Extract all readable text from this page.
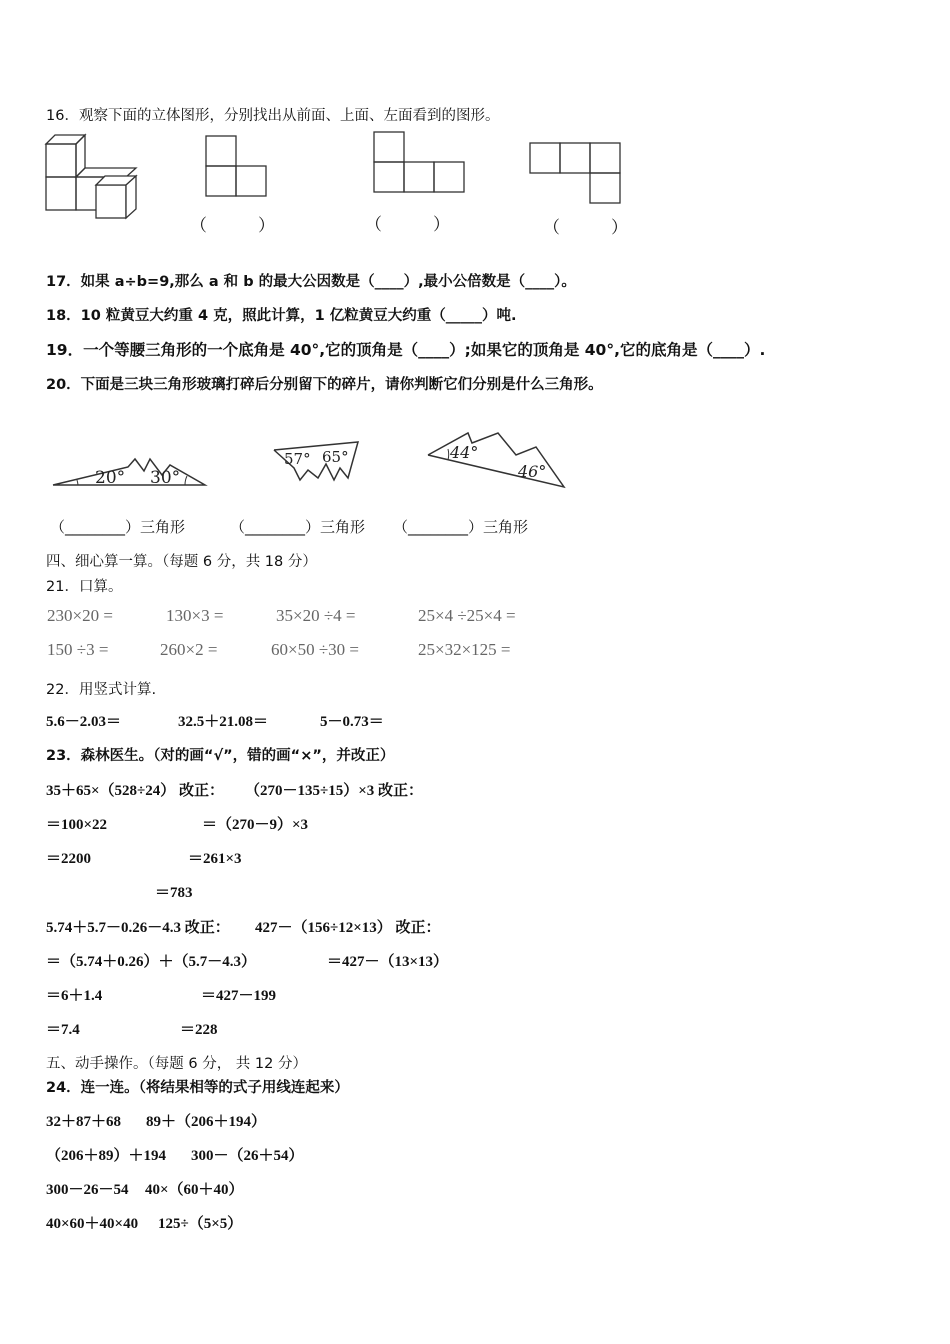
16．观察下面的立体图形，分别找出从前面、上面、左面看到的图形。
（　　　）	（　　　）	（　　　）
17．如果 a÷b=9,那么 a 和 b 的最大公因数是（____）,最小公倍数是（____）。
18．10 粒黄豆大约重 4 克，照此计算，1 亿粒黄豆大约重（_____）吨.
19．一个等腰三角形的一个底角是 40°,它的顶角是（____）;如果它的顶角是 40°,它的底角是（____）.
20．下面是三块三角形玻璃打碎后分别留下的碎片，请你判断它们分别是什么三角形。
20° 30°
57° 65°	44°
46°
（________）三角形	（________）三角形 （________）三角形
四、细心算一算。（每题 6 分，共 18 分）
21．口算。
230×20 =	130×3 =	35×20 ÷4 =	25×4 ÷25×4 =
150 ÷3 =	260×2 =	60×50 ÷30 =	25×32×125 =
22．用竖式计算.
5.6－2.03＝	32.5＋21.08＝	5－0.73＝
23．森林医生。（对的画“√”，错的画“×”，并改正）
35＋65×（528÷24） 改正： （270－135÷15）×3 改正：
＝100×22	＝（270－9）×3
＝2200	＝261×3
＝783
5.74＋5.7－0.26－4.3 改正： 427－（156÷12×13） 改正：
＝（5.74＋0.26）＋（5.7－4.3）	＝427－（13×13）
＝6＋1.4	＝427－199
＝7.4	＝228
五、动手操作。（每题 6 分， 共 12 分）
24．连一连。（将结果相等的式子用线连起来）
32＋87＋68 89＋（206＋194）
（206＋89）＋194 300－（26＋54）
300－26－54 40×（60＋40）
40×60＋40×40 125÷（5×5）
